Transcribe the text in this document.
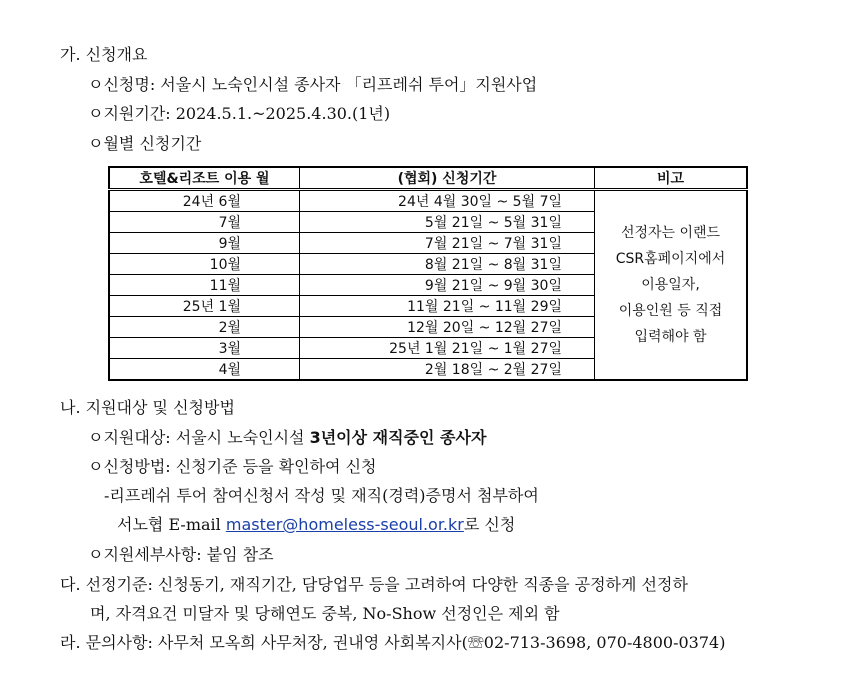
가. 신청개요
ㅇ신청명: 서울시 노숙인시설 종사자 「리프레쉬 투어」지원사업
ㅇ지원기간: 2024.5.1.~2025.4.30.(1년)
ㅇ월별 신청기간
호텔&리조트 이용 월	(협회) 신청기간	비고
24년 6월	24년 4월 30일 ~ 5월 7일	선정자는 이랜드
CSR홈페이지에서
이용일자,
이용인원 등 직접
입력해야 함

7월	5월 21일 ~ 5월 31일	
9월	7월 21일 ~ 7월 31일	
10월	8월 21일 ~ 8월 31일	
11월	9월 21일 ~ 9월 30일	
25년 1월	11월 21일 ~ 11월 29일	
2월	12월 20일 ~ 12월 27일	
3월	25년 1월 21일 ~ 1월 27일	
4월	2월 18일 ~ 2월 27일	
나. 지원대상 및 신청방법
ㅇ지원대상: 서울시 노숙인시설 3년이상 재직중인 종사자
ㅇ신청방법: 신청기준 등을 확인하여 신청
-리프레쉬 투어 참여신청서 작성 및 재직(경력)증명서 첨부하여
서노협 E-mail master@homeless-seoul.or.kr로 신청
ㅇ지원세부사항: 붙임 참조
다. 선정기준: 신청동기, 재직기간, 담당업무 등을 고려하여 다양한 직종을 공정하게 선정하
며, 자격요건 미달자 및 당해연도 중복, No-Show 선정인은 제외 함
라. 문의사항: 사무처 모옥희 사무처장, 권내영 사회복지사(☏02-713-3698, 070-4800-0374)
